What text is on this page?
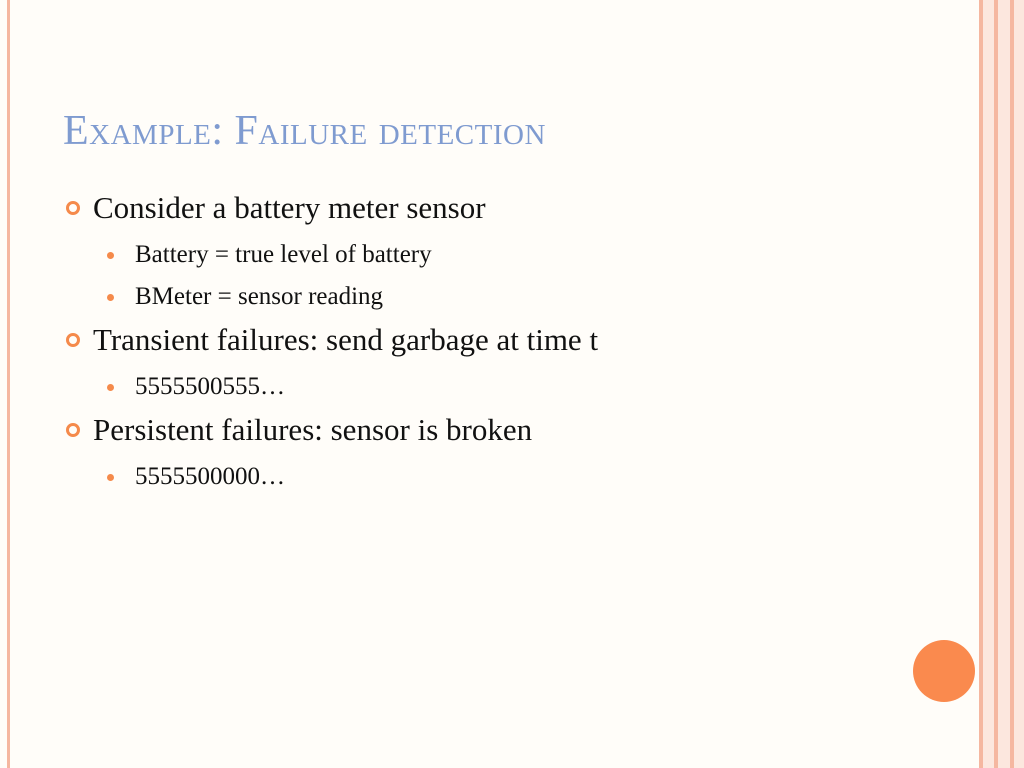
Example: Failure detection
Consider a battery meter sensor
Battery = true level of battery
BMeter = sensor reading
Transient failures: send garbage at time t
5555500555…
Persistent failures: sensor is broken
5555500000…
